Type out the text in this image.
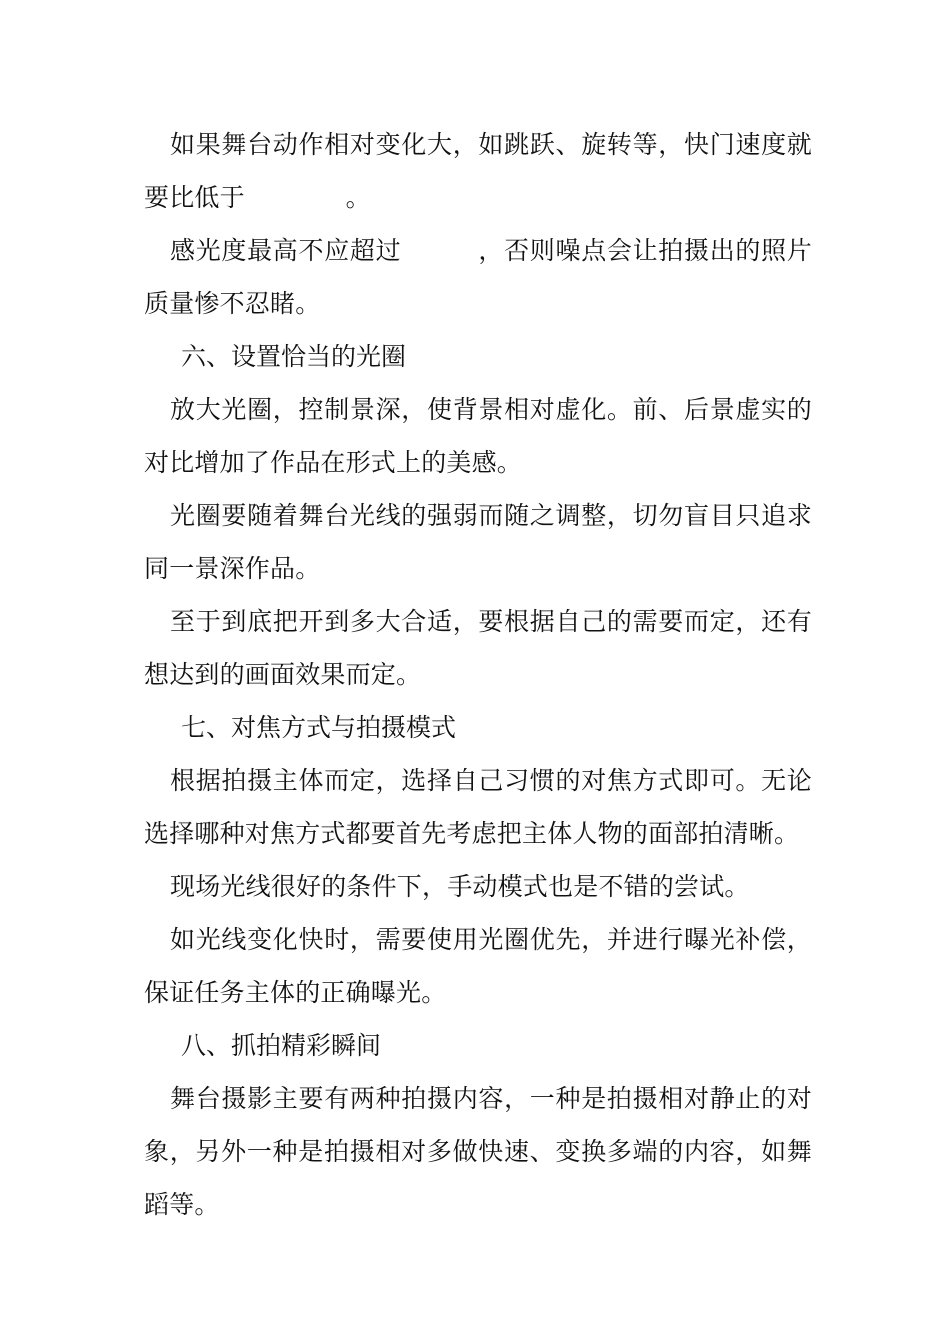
如果舞台动作相对变化大，如跳跃、旋转等，快门速度就要比低于　　　　。

感光度最高不应超过　　　，否则噪点会让拍摄出的照片质量惨不忍睹。

六、设置恰当的光圈

放大光圈，控制景深，使背景相对虚化。前、后景虚实的对比增加了作品在形式上的美感。

光圈要随着舞台光线的强弱而随之调整，切勿盲目只追求同一景深作品。

至于到底把开到多大合适，要根据自己的需要而定，还有想达到的画面效果而定。

七、对焦方式与拍摄模式

根据拍摄主体而定，选择自己习惯的对焦方式即可。无论选择哪种对焦方式都要首先考虑把主体人物的面部拍清晰。

现场光线很好的条件下，手动模式也是不错的尝试。

如光线变化快时，需要使用光圈优先，并进行曝光补偿，保证任务主体的正确曝光。

八、抓拍精彩瞬间

舞台摄影主要有两种拍摄内容，一种是拍摄相对静止的对象，另外一种是拍摄相对多做快速、变换多端的内容，如舞蹈等。
